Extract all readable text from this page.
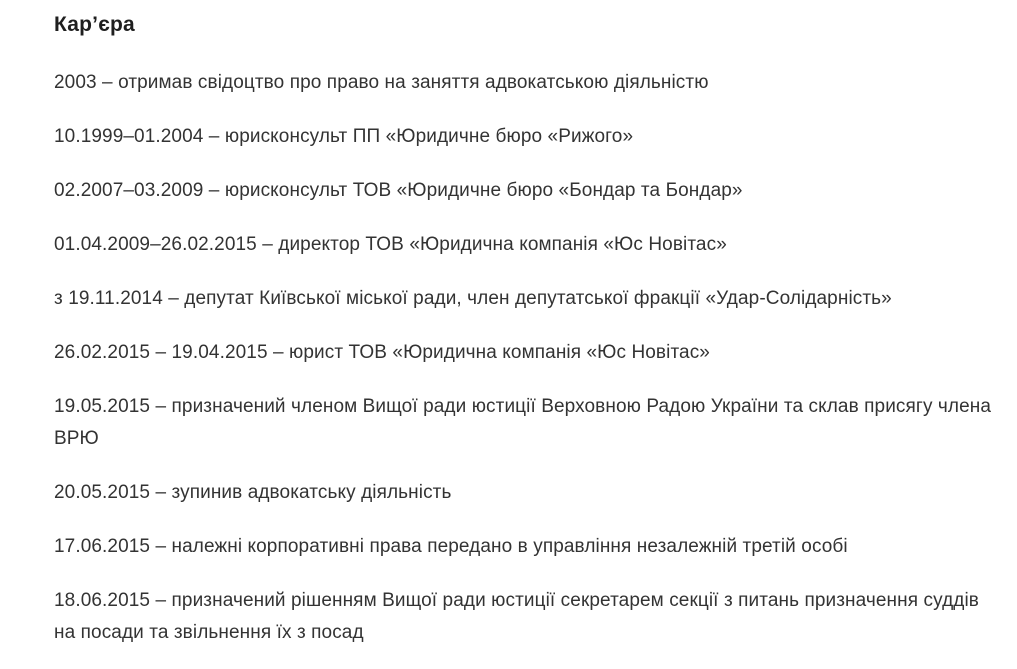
Кар’єра

2003 – отримав свідоцтво про право на заняття адвокатською діяльністю

10.1999–01.2004 – юрисконсульт ПП «Юридичне бюро «Рижого»

02.2007–03.2009 – юрисконсульт ТОВ «Юридичне бюро «Бондар та Бондар»

01.04.2009–26.02.2015 – директор ТОВ «Юридична компанія «Юс Новітас»

з 19.11.2014 – депутат Київської міської ради, член депутатської фракції «Удар-Солідарність»

26.02.2015 – 19.04.2015 – юрист ТОВ «Юридична компанія «Юс Новітас»

19.05.2015 – призначений членом Вищої ради юстиції Верховною Радою України та склав присягу члена ВРЮ

20.05.2015 – зупинив адвокатську діяльність

17.06.2015 – належні корпоративні права передано в управління незалежній третій особі

18.06.2015 – призначений рішенням Вищої ради юстиції секретарем секції з питань призначення суддів на посади та звільнення їх з посад
